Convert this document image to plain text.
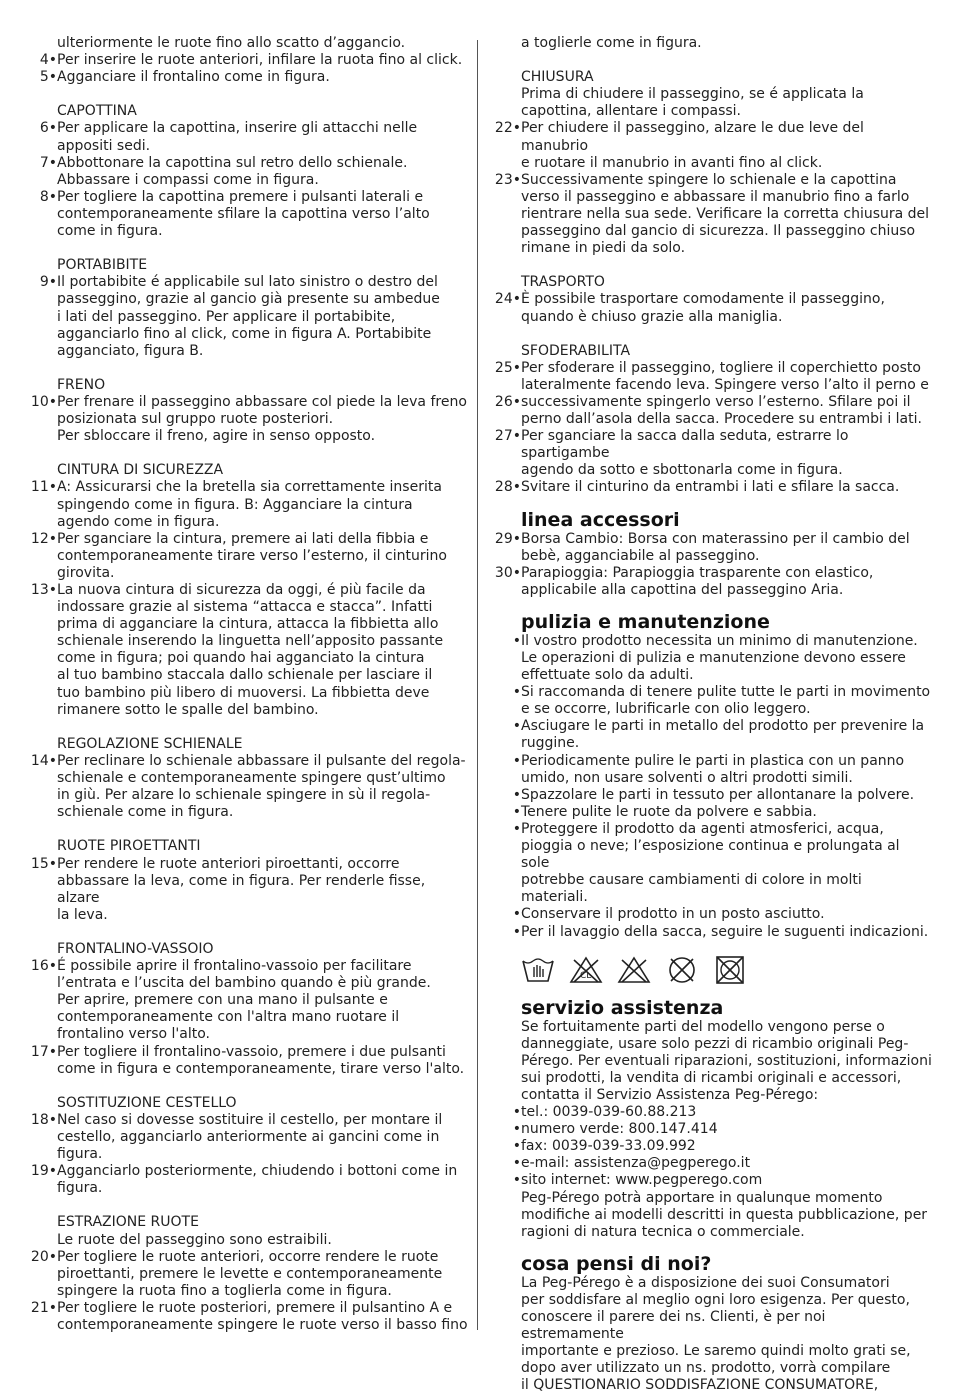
ulteriormente le ruote fino allo scatto d’aggancio.
4• Per inserire le ruote anteriori, infilare la ruota fino al click.
5• Agganciare il frontalino come in figura.
CAPOTTINA
6• Per applicare la capottina, inserire gli attacchi nelle
appositi sedi.
7• Abbottonare la capottina sul retro dello schienale.
Abbassare i compassi come in figura.
8• Per togliere la capottina premere i pulsanti laterali e
contemporaneamente sfilare la capottina verso l’alto
come in figura.
PORTABIBITE
9• Il portabibite é applicabile sul lato sinistro o destro del
passeggino, grazie al gancio già presente su ambedue
i lati del passeggino. Per applicare il portabibite,
agganciarlo fino al click, come in figura A. Portabibite
agganciato, figura B.
FRENO
10• Per frenare il passeggino abbassare col piede la leva freno
posizionata sul gruppo ruote posteriori.
Per sbloccare il freno, agire in senso opposto.
CINTURA DI SICUREZZA
11• A: Assicurarsi che la bretella sia correttamente inserita
spingendo come in figura. B: Agganciare la cintura
agendo come in figura.
12• Per sganciare la cintura, premere ai lati della fibbia e
contemporaneamente tirare verso l’esterno, il cinturino
girovita.
13• La nuova cintura di sicurezza da oggi, é più facile da
indossare grazie al sistema “attacca e stacca”. Infatti
prima di agganciare la cintura, attacca la fibbietta allo
schienale inserendo la linguetta nell’apposito passante
come in figura; poi quando hai agganciato la cintura
al tuo bambino staccala dallo schienale per lasciare il
tuo bambino più libero di muoversi. La fibbietta deve
rimanere sotto le spalle del bambino.
REGOLAZIONE SCHIENALE
14• Per reclinare lo schienale abbassare il pulsante del regola-
schienale e contemporaneamente spingere qust’ultimo
in giù. Per alzare lo schienale spingere in sù il regola-
schienale come in figura.
RUOTE PIROETTANTI
15• Per rendere le ruote anteriori piroettanti, occorre
abbassare la leva, come in figura. Per renderle fisse, alzare
la leva.
FRONTALINO-VASSOIO
16• É possibile aprire il frontalino-vassoio per facilitare
l’entrata e l’uscita del bambino quando è più grande.
Per aprire, premere con una mano il pulsante e
contemporaneamente con l'altra mano ruotare il
frontalino verso l'alto.
17• Per togliere il frontalino-vassoio, premere i due pulsanti
come in figura e contemporaneamente, tirare verso l'alto.
SOSTITUZIONE CESTELLO
18• Nel caso si dovesse sostituire il cestello, per montare il
cestello, agganciarlo anteriormente ai gancini come in
figura.
19• Agganciarlo posteriormente, chiudendo i bottoni come in
figura.
ESTRAZIONE RUOTE
Le ruote del passeggino sono estraibili.
20• Per togliere le ruote anteriori, occorre rendere le ruote
piroettanti, premere le levette e contemporaneamente
spingere la ruota fino a toglierla come in figura.
21• Per togliere le ruote posteriori, premere il pulsantino A e
contemporaneamente spingere le ruote verso il basso fino
a toglierle come in figura.
CHIUSURA
Prima di chiudere il passeggino, se é applicata la
capottina, allentare i compassi.
22• Per chiudere il passeggino, alzare le due leve del manubrio
e ruotare il manubrio in avanti fino al click.
23• Successivamente spingere lo schienale e la capottina
verso il passeggino e abbassare il manubrio fino a farlo
rientrare nella sua sede. Verificare la corretta chiusura del
passeggino dal gancio di sicurezza. Il passeggino chiuso
rimane in piedi da solo.
TRASPORTO
24• È possibile trasportare comodamente il passeggino,
quando è chiuso grazie alla maniglia.
SFODERABILITA
25• Per sfoderare il passeggino, togliere il coperchietto posto
lateralmente facendo leva. Spingere verso l’alto il perno e
26• successivamente spingerlo verso l’esterno. Sfilare poi il
perno dall’asola della sacca. Procedere su entrambi i lati.
27• Per sganciare la sacca dalla seduta, estrarre lo spartigambe
agendo da sotto e sbottonarla come in figura.
28• Svitare il cinturino da entrambi i lati e sfilare la sacca.
linea accessori
29• Borsa Cambio: Borsa con materassino per il cambio del
bebè, agganciabile al passeggino.
30• Parapioggia: Parapioggia trasparente con elastico,
applicabile alla capottina del passeggino Aria.
pulizia e manutenzione
• Il vostro prodotto necessita un minimo di manutenzione.
Le operazioni di pulizia e manutenzione devono essere
effettuate solo da adulti.
• Si raccomanda di tenere pulite tutte le parti in movimento
e se occorre, lubrificarle con olio leggero.
• Asciugare le parti in metallo del prodotto per prevenire la
ruggine.
• Periodicamente pulire le parti in plastica con un panno
umido, non usare solventi o altri prodotti simili.
• Spazzolare le parti in tessuto per allontanare la polvere.
• Tenere pulite le ruote da polvere e sabbia.
• Proteggere il prodotto da agenti atmosferici, acqua,
pioggia o neve; l’esposizione continua e prolungata al sole
potrebbe causare cambiamenti di colore in molti materiali.
• Conservare il prodotto in un posto asciutto.
• Per il lavaggio della sacca, seguire le suguenti indicazioni.
CL
servizio assistenza
Se fortuitamente parti del modello vengono perse o
danneggiate, usare solo pezzi di ricambio originali Peg-
Pérego. Per eventuali riparazioni, sostituzioni, informazioni
sui prodotti, la vendita di ricambi originali e accessori,
contatta il Servizio Assistenza Peg-Pérego:
• tel.: 0039-039-60.88.213
• numero verde: 800.147.414
• fax: 0039-039-33.09.992
• e-mail: assistenza@pegperego.it
• sito internet: www.pegperego.com
Peg-Pérego potrà apportare in qualunque momento
modifiche ai modelli descritti in questa pubblicazione, per
ragioni di natura tecnica o commerciale.
cosa pensi di noi?
La Peg-Pérego è a disposizione dei suoi Consumatori
per soddisfare al meglio ogni loro esigenza. Per questo,
conoscere il parere dei ns. Clienti, è per noi estremamente
importante e prezioso. Le saremo quindi molto grati se,
dopo aver utilizzato un ns. prodotto, vorrà compilare
il QUESTIONARIO SODDISFAZIONE CONSUMATORE,
